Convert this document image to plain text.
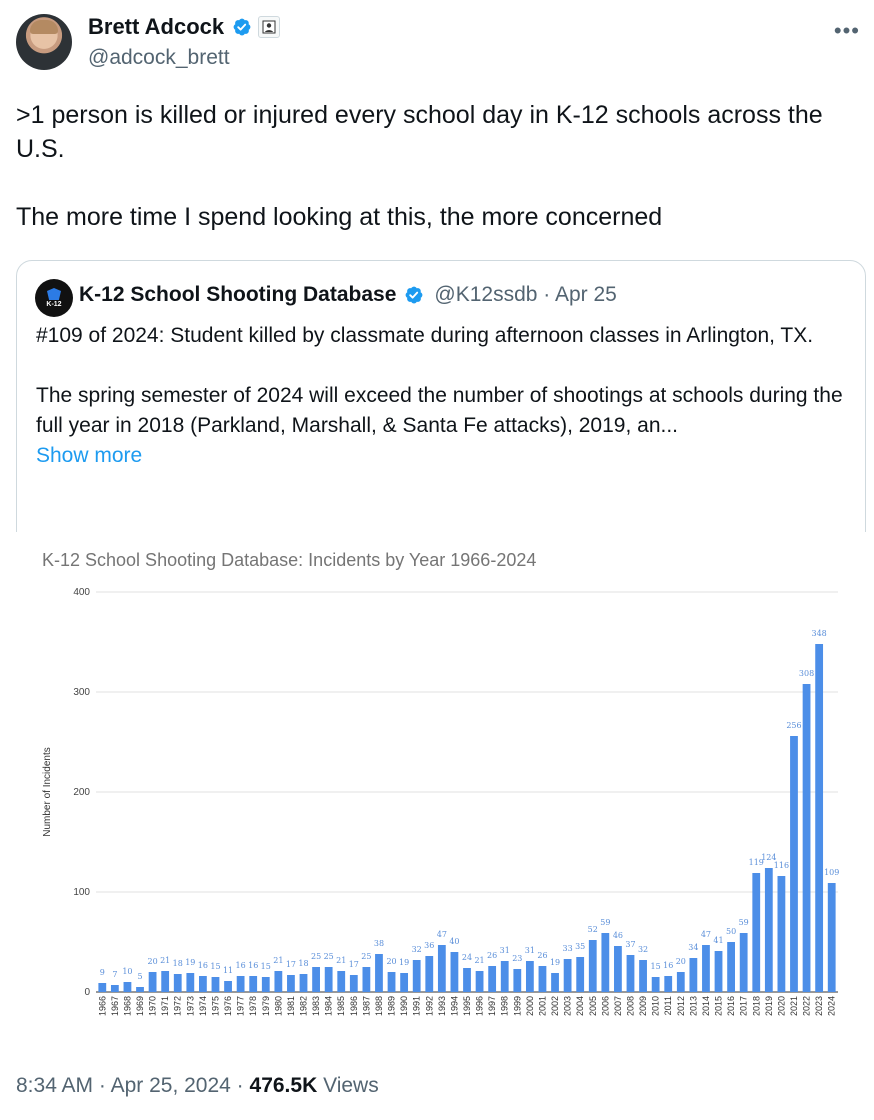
Brett Adcock
@adcock_brett
•••

>1 person is killed or injured every school day in K-12 schools across the U.S.

The more time I spend looking at this, the more concerned

K-12 K-12 School Shooting Database @K12ssdb · Apr 25

#109 of 2024: Student killed by classmate during afternoon classes in Arlington, TX.

The spring semester of 2024 will exceed the number of shootings at schools during the full year in 2018 (Parkland, Marshall, & Santa Fe attacks), 2019, an...
Show more

K-12 School Shooting Database: Incidents by Year 1966-2024
0
100
200
300
400
Number of Incidents
9
1966
7
1967
10
1968
5
1969
20
1970
21
1971
18
1972
19
1973
16
1974
15
1975
11
1976
16
1977
16
1978
15
1979
21
1980
17
1981
18
1982
25
1983
25
1984
21
1985
17
1986
25
1987
38
1988
20
1989
19
1990
32
1991
36
1992
47
1993
40
1994
24
1995
21
1996
26
1997
31
1998
23
1999
31
2000
26
2001
19
2002
33
2003
35
2004
52
2005
59
2006
46
2007
37
2008
32
2009
15
2010
16
2011
20
2012
34
2013
47
2014
41
2015
50
2016
59
2017
119
2018
124
2019
116
2020
256
2021
308
2022
348
2023
109
2024
8:34 AM · Apr 25, 2024 · 476.5K Views
